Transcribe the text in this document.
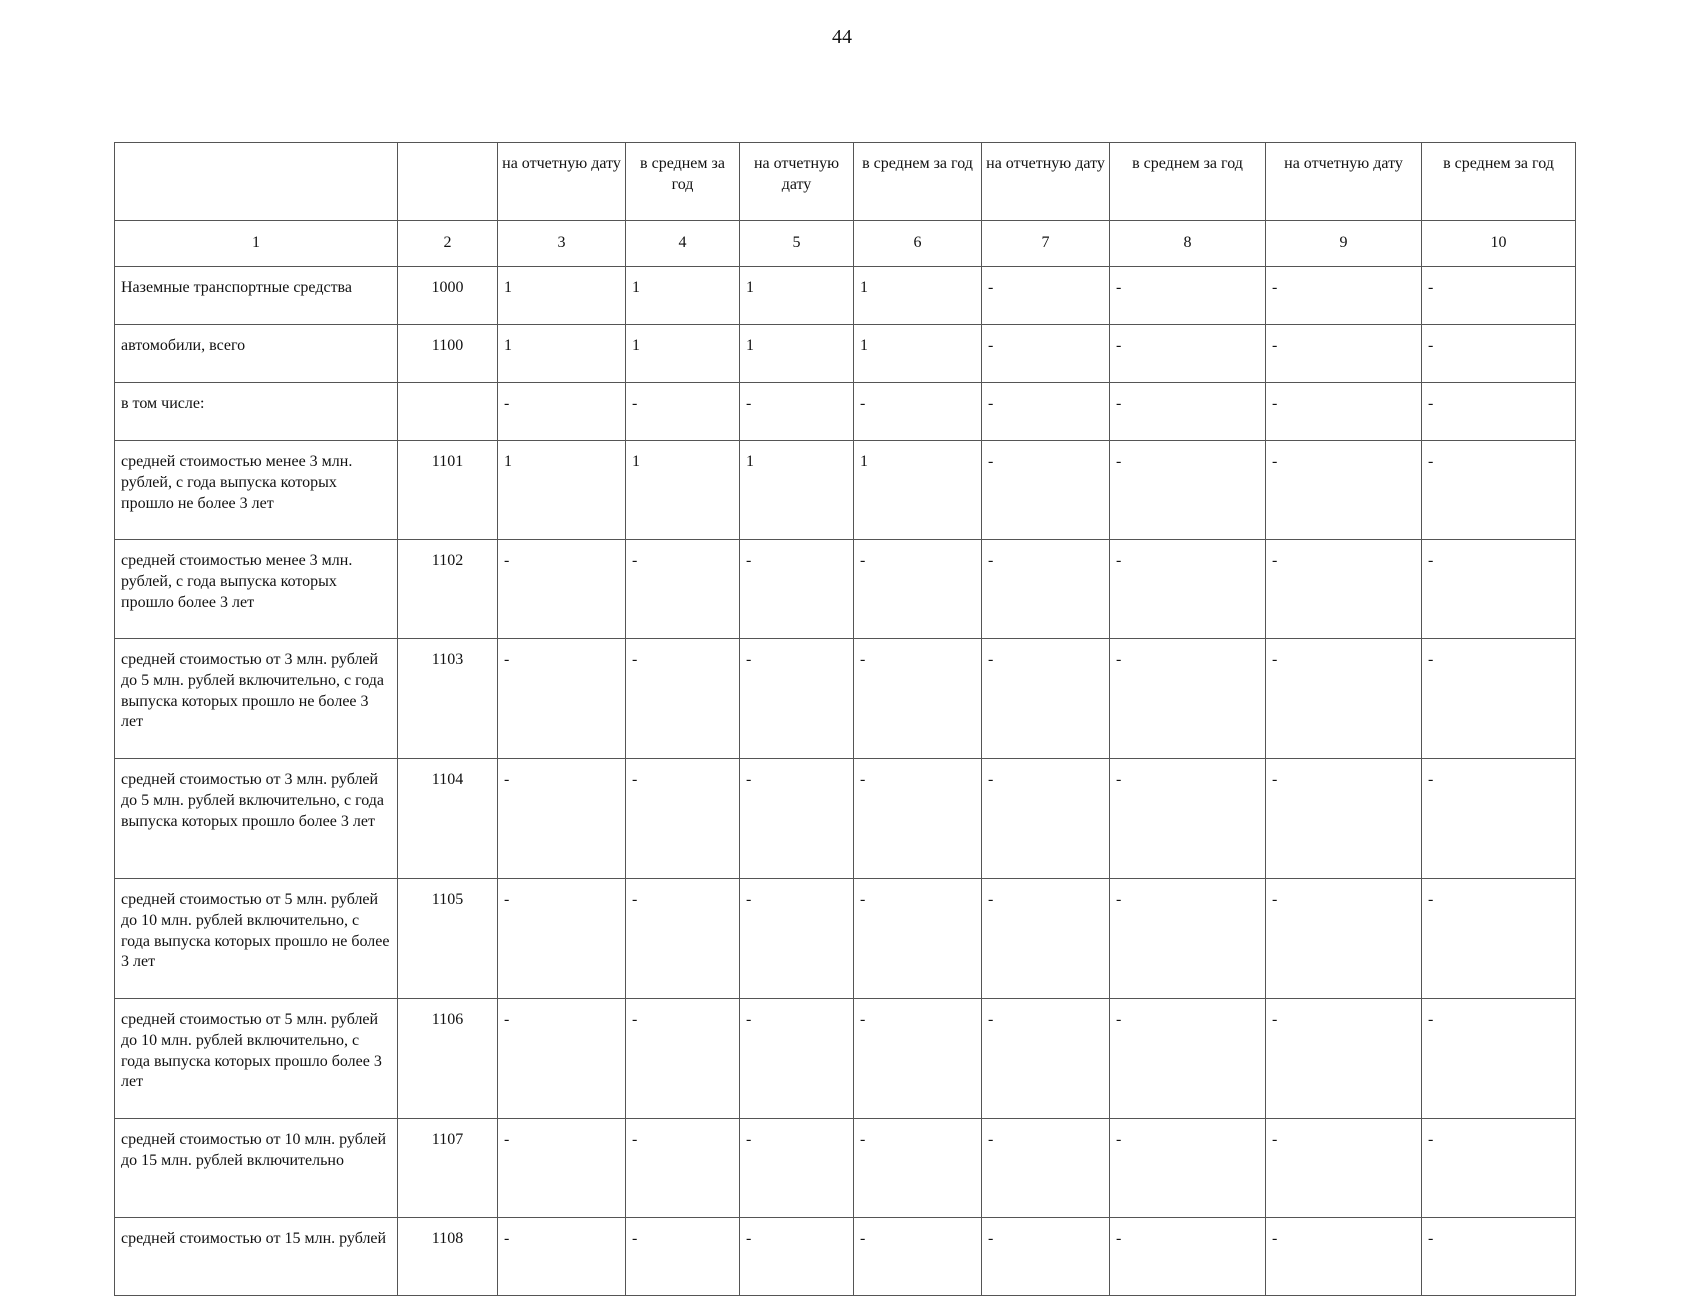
44
		на отчетную дату	в среднем за год	на отчетную дату	в среднем за год	на отчетную дату	в среднем за год	на отчетную дату	в среднем за год
1	2	3	4	5	6	7	8	9	10
Наземные транспортные средства	1000	1	1	1	1	-	-	-	-
автомобили, всего	1100	1	1	1	1	-	-	-	-
в том числе:		-	-	-	-	-	-	-	-
средней стоимостью менее 3 млн. рублей, с года выпуска которых прошло не более 3 лет	1101	1	1	1	1	-	-	-	-
средней стоимостью менее 3 млн. рублей, с года выпуска которых прошло более 3 лет	1102	-	-	-	-	-	-	-	-
средней стоимостью от 3 млн. рублей до 5 млн. рублей включительно, с года выпуска которых прошло не более 3 лет	1103	-	-	-	-	-	-	-	-
средней стоимостью от 3 млн. рублей до 5 млн. рублей включительно, с года выпуска которых прошло более 3 лет	1104	-	-	-	-	-	-	-	-
средней стоимостью от 5 млн. рублей до 10 млн. рублей включительно, с года выпуска которых прошло не более 3 лет	1105	-	-	-	-	-	-	-	-
средней стоимостью от 5 млн. рублей до 10 млн. рублей включительно, с года выпуска которых прошло более 3 лет	1106	-	-	-	-	-	-	-	-
средней стоимостью от 10 млн. рублей до 15 млн. рублей включительно	1107	-	-	-	-	-	-	-	-
средней стоимостью от 15 млн. рублей	1108	-	-	-	-	-	-	-	-
